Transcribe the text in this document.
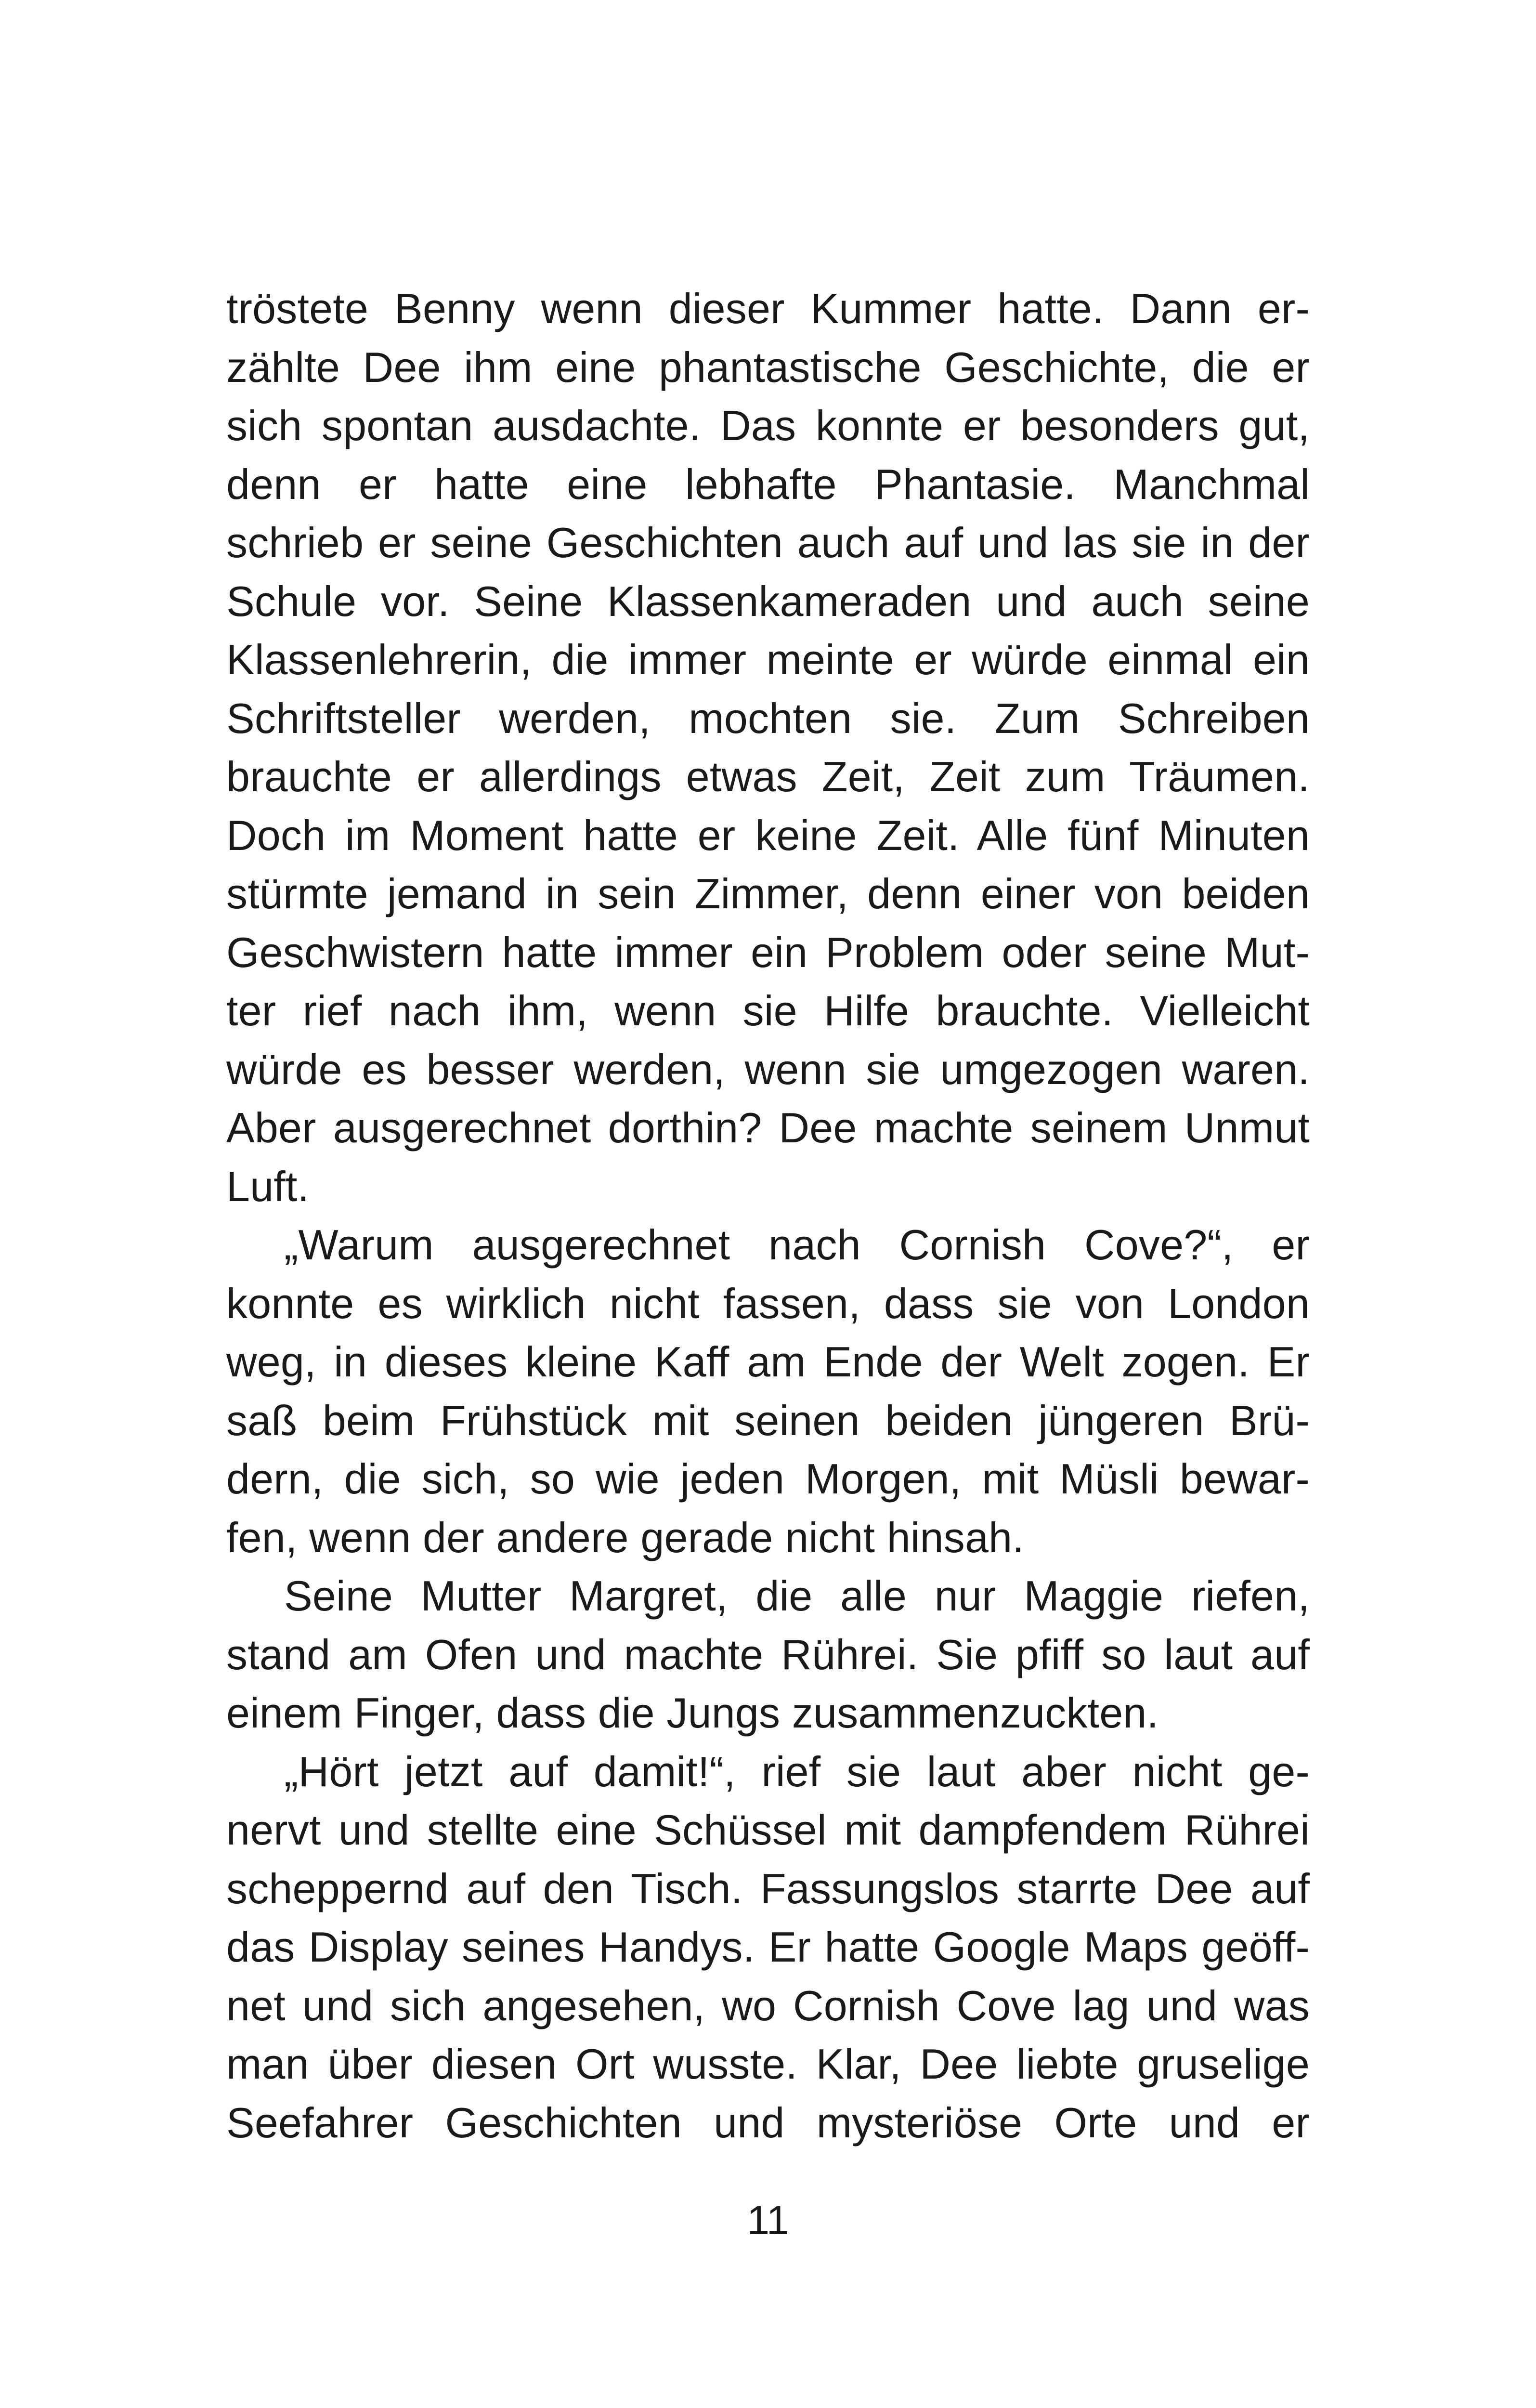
tröstete Benny wenn dieser Kummer hatte. Dann er-
zählte Dee ihm eine phantastische Geschichte, die er
sich spontan ausdachte. Das konnte er besonders gut,
denn er hatte eine lebhafte Phantasie. Manchmal
schrieb er seine Geschichten auch auf und las sie in der
Schule vor. Seine Klassenkameraden und auch seine
Klassenlehrerin, die immer meinte er würde einmal ein
Schriftsteller werden, mochten sie. Zum Schreiben
brauchte er allerdings etwas Zeit, Zeit zum Träumen.
Doch im Moment hatte er keine Zeit. Alle fünf Minuten
stürmte jemand in sein Zimmer, denn einer von beiden
Geschwistern hatte immer ein Problem oder seine Mut-
ter rief nach ihm, wenn sie Hilfe brauchte. Vielleicht
würde es besser werden, wenn sie umgezogen waren.
Aber ausgerechnet dorthin? Dee machte seinem Unmut
Luft.
„Warum ausgerechnet nach Cornish Cove?“, er
konnte es wirklich nicht fassen, dass sie von London
weg, in dieses kleine Kaff am Ende der Welt zogen. Er
saß beim Frühstück mit seinen beiden jüngeren Brü-
dern, die sich, so wie jeden Morgen, mit Müsli bewar-
fen, wenn der andere gerade nicht hinsah.
Seine Mutter Margret, die alle nur Maggie riefen,
stand am Ofen und machte Rührei. Sie pfiff so laut auf
einem Finger, dass die Jungs zusammenzuckten.
„Hört jetzt auf damit!“, rief sie laut aber nicht ge-
nervt und stellte eine Schüssel mit dampfendem Rührei
scheppernd auf den Tisch. Fassungslos starrte Dee auf
das Display seines Handys. Er hatte Google Maps geöff-
net und sich angesehen, wo Cornish Cove lag und was
man über diesen Ort wusste. Klar, Dee liebte gruselige
Seefahrer Geschichten und mysteriöse Orte und er
11
